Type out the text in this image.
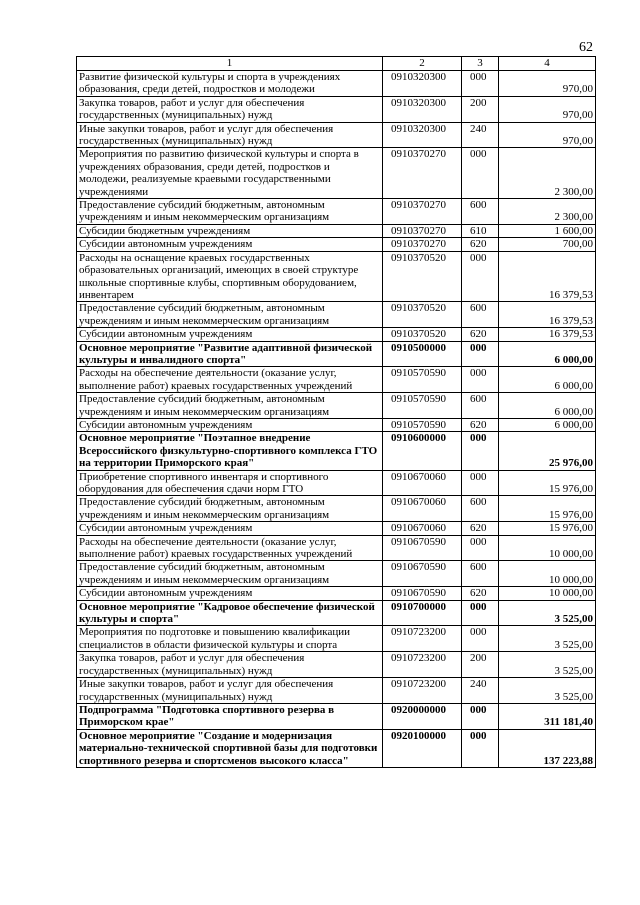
62
1	2	3	4
Развитие физической культуры и спорта в учреждениях образования, среди детей, подростков и молодежи	0910320300	000	970,00
Закупка товаров, работ и услуг для обеспечения государственных (муниципальных) нужд	0910320300	200	970,00
Иные закупки товаров, работ и услуг для обеспечения государственных (муниципальных) нужд	0910320300	240	970,00
Мероприятия по развитию физической культуры и спорта в учреждениях образования, среди детей, подростков и молодежи, реализуемые краевыми государственными учреждениями	0910370270	000	2 300,00
Предоставление субсидий бюджетным, автономным учреждениям и иным некоммерческим организациям	0910370270	600	2 300,00
Субсидии бюджетным учреждениям	0910370270	610	1 600,00
Субсидии автономным учреждениям	0910370270	620	700,00
Расходы на оснащение краевых государственных образовательных организаций, имеющих в своей структуре школьные спортивные клубы, спортивным оборудованием, инвентарем	0910370520	000	16 379,53
Предоставление субсидий бюджетным, автономным учреждениям и иным некоммерческим организациям	0910370520	600	16 379,53
Субсидии автономным учреждениям	0910370520	620	16 379,53
Основное мероприятие "Развитие адаптивной физической культуры и инвалидного спорта"	0910500000	000	6 000,00
Расходы на обеспечение деятельности (оказание услуг, выполнение работ) краевых государственных учреждений	0910570590	000	6 000,00
Предоставление субсидий бюджетным, автономным учреждениям и иным некоммерческим организациям	0910570590	600	6 000,00
Субсидии автономным учреждениям	0910570590	620	6 000,00
Основное мероприятие "Поэтапное внедрение Всероссийского физкультурно-спортивного комплекса ГТО на территории Приморского края"	0910600000	000	25 976,00
Приобретение спортивного инвентаря и спортивного оборудования для обеспечения сдачи норм ГТО	0910670060	000	15 976,00
Предоставление субсидий бюджетным, автономным учреждениям и иным некоммерческим организациям	0910670060	600	15 976,00
Субсидии автономным учреждениям	0910670060	620	15 976,00
Расходы на обеспечение деятельности (оказание услуг, выполнение работ) краевых государственных учреждений	0910670590	000	10 000,00
Предоставление субсидий бюджетным, автономным учреждениям и иным некоммерческим организациям	0910670590	600	10 000,00
Субсидии автономным учреждениям	0910670590	620	10 000,00
Основное мероприятие "Кадровое обеспечение физической культуры и спорта"	0910700000	000	3 525,00
Мероприятия по подготовке и повышению квалификации специалистов в области физической культуры и спорта	0910723200	000	3 525,00
Закупка товаров, работ и услуг для обеспечения государственных (муниципальных) нужд	0910723200	200	3 525,00
Иные закупки товаров, работ и услуг для обеспечения государственных (муниципальных) нужд	0910723200	240	3 525,00
Подпрограмма "Подготовка спортивного резерва в Приморском крае"	0920000000	000	311 181,40
Основное мероприятие "Создание и модернизация материально-технической спортивной базы для подготовки спортивного резерва и спортсменов высокого класса"	0920100000	000	137 223,88
